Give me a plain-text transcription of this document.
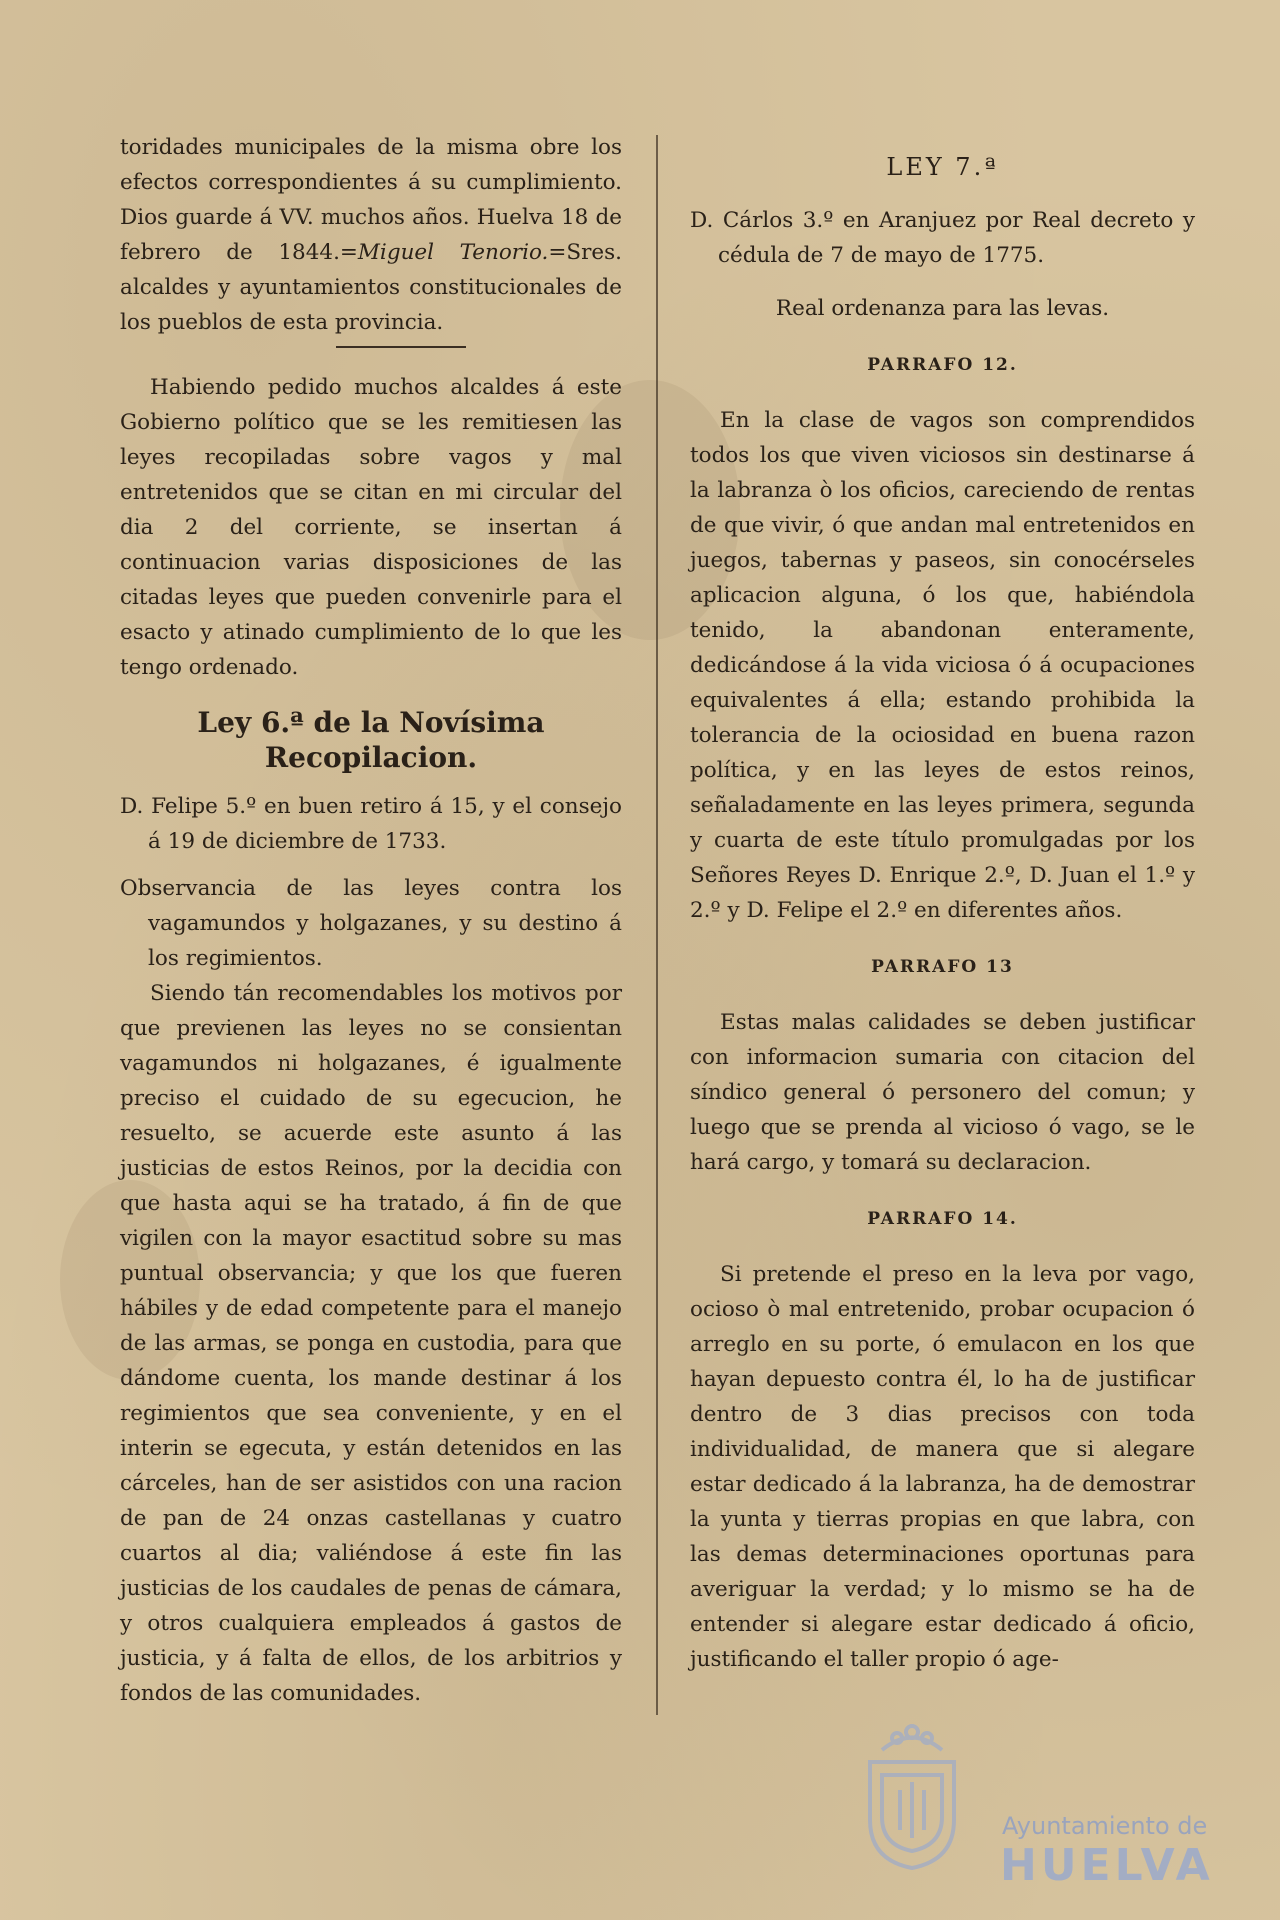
toridades municipales de la misma obre los efectos correspondientes á su cumplimiento. Dios guarde á VV. muchos años. Huelva 18 de febrero de 1844.=Miguel Tenorio.=Sres. alcaldes y ayuntamientos constitucionales de los pueblos de esta provincia.

Habiendo pedido muchos alcaldes á este Gobierno político que se les remitiesen las leyes recopiladas sobre vagos y mal entretenidos que se citan en mi circular del dia 2 del corriente, se insertan á continuacion varias disposiciones de las citadas leyes que pueden convenirle para el esacto y atinado cumplimiento de lo que les tengo ordenado.

Ley 6.ª de la Novísima Recopilacion.

D. Felipe 5.º en buen retiro á 15, y el consejo á 19 de diciembre de 1733.

Observancia de las leyes contra los vagamundos y holgazanes, y su destino á los regimientos.

Siendo tán recomendables los motivos por que previenen las leyes no se consientan vagamundos ni holgazanes, é igualmente preciso el cuidado de su egecucion, he resuelto, se acuerde este asunto á las justicias de estos Reinos, por la decidia con que hasta aqui se ha tratado, á fin de que vigilen con la mayor esactitud sobre su mas puntual observancia; y que los que fueren hábiles y de edad competente para el manejo de las armas, se ponga en custodia, para que dándome cuenta, los mande destinar á los regimientos que sea conveniente, y en el interin se egecuta, y están detenidos en las cárceles, han de ser asistidos con una racion de pan de 24 onzas castellanas y cuatro cuartos al dia; valiéndose á este fin las justicias de los caudales de penas de cámara, y otros cualquiera empleados á gastos de justicia, y á falta de ellos, de los arbitrios y fondos de las comunidades.

LEY 7.ª

D. Cárlos 3.º en Aranjuez por Real decreto y cédula de 7 de mayo de 1775.

Real ordenanza para las levas.

PARRAFO 12.

En la clase de vagos son comprendidos todos los que viven viciosos sin destinarse á la labranza ò los oficios, careciendo de rentas de que vivir, ó que andan mal entretenidos en juegos, tabernas y paseos, sin conocérseles aplicacion alguna, ó los que, habiéndola tenido, la abandonan enteramente, dedicándose á la vida viciosa ó á ocupaciones equivalentes á ella; estando prohibida la tolerancia de la ociosidad en buena razon política, y en las leyes de estos reinos, señaladamente en las leyes primera, segunda y cuarta de este título promulgadas por los Señores Reyes D. Enrique 2.º, D. Juan el 1.º y 2.º y D. Felipe el 2.º en diferentes años.

PARRAFO 13

Estas malas calidades se deben justificar con informacion sumaria con citacion del síndico general ó personero del comun; y luego que se prenda al vicioso ó vago, se le hará cargo, y tomará su declaracion.

PARRAFO 14.

Si pretende el preso en la leva por vago, ocioso ò mal entretenido, probar ocupacion ó arreglo en su porte, ó emulacon en los que hayan depuesto contra él, lo ha de justificar dentro de 3 dias precisos con toda individualidad, de manera que si alegare estar dedicado á la labranza, ha de demostrar la yunta y tierras propias en que labra, con las demas determinaciones oportunas para averiguar la verdad; y lo mismo se ha de entender si alegare estar dedicado á oficio, justificando el taller propio ó age-

Ayuntamiento de
HUELVA
